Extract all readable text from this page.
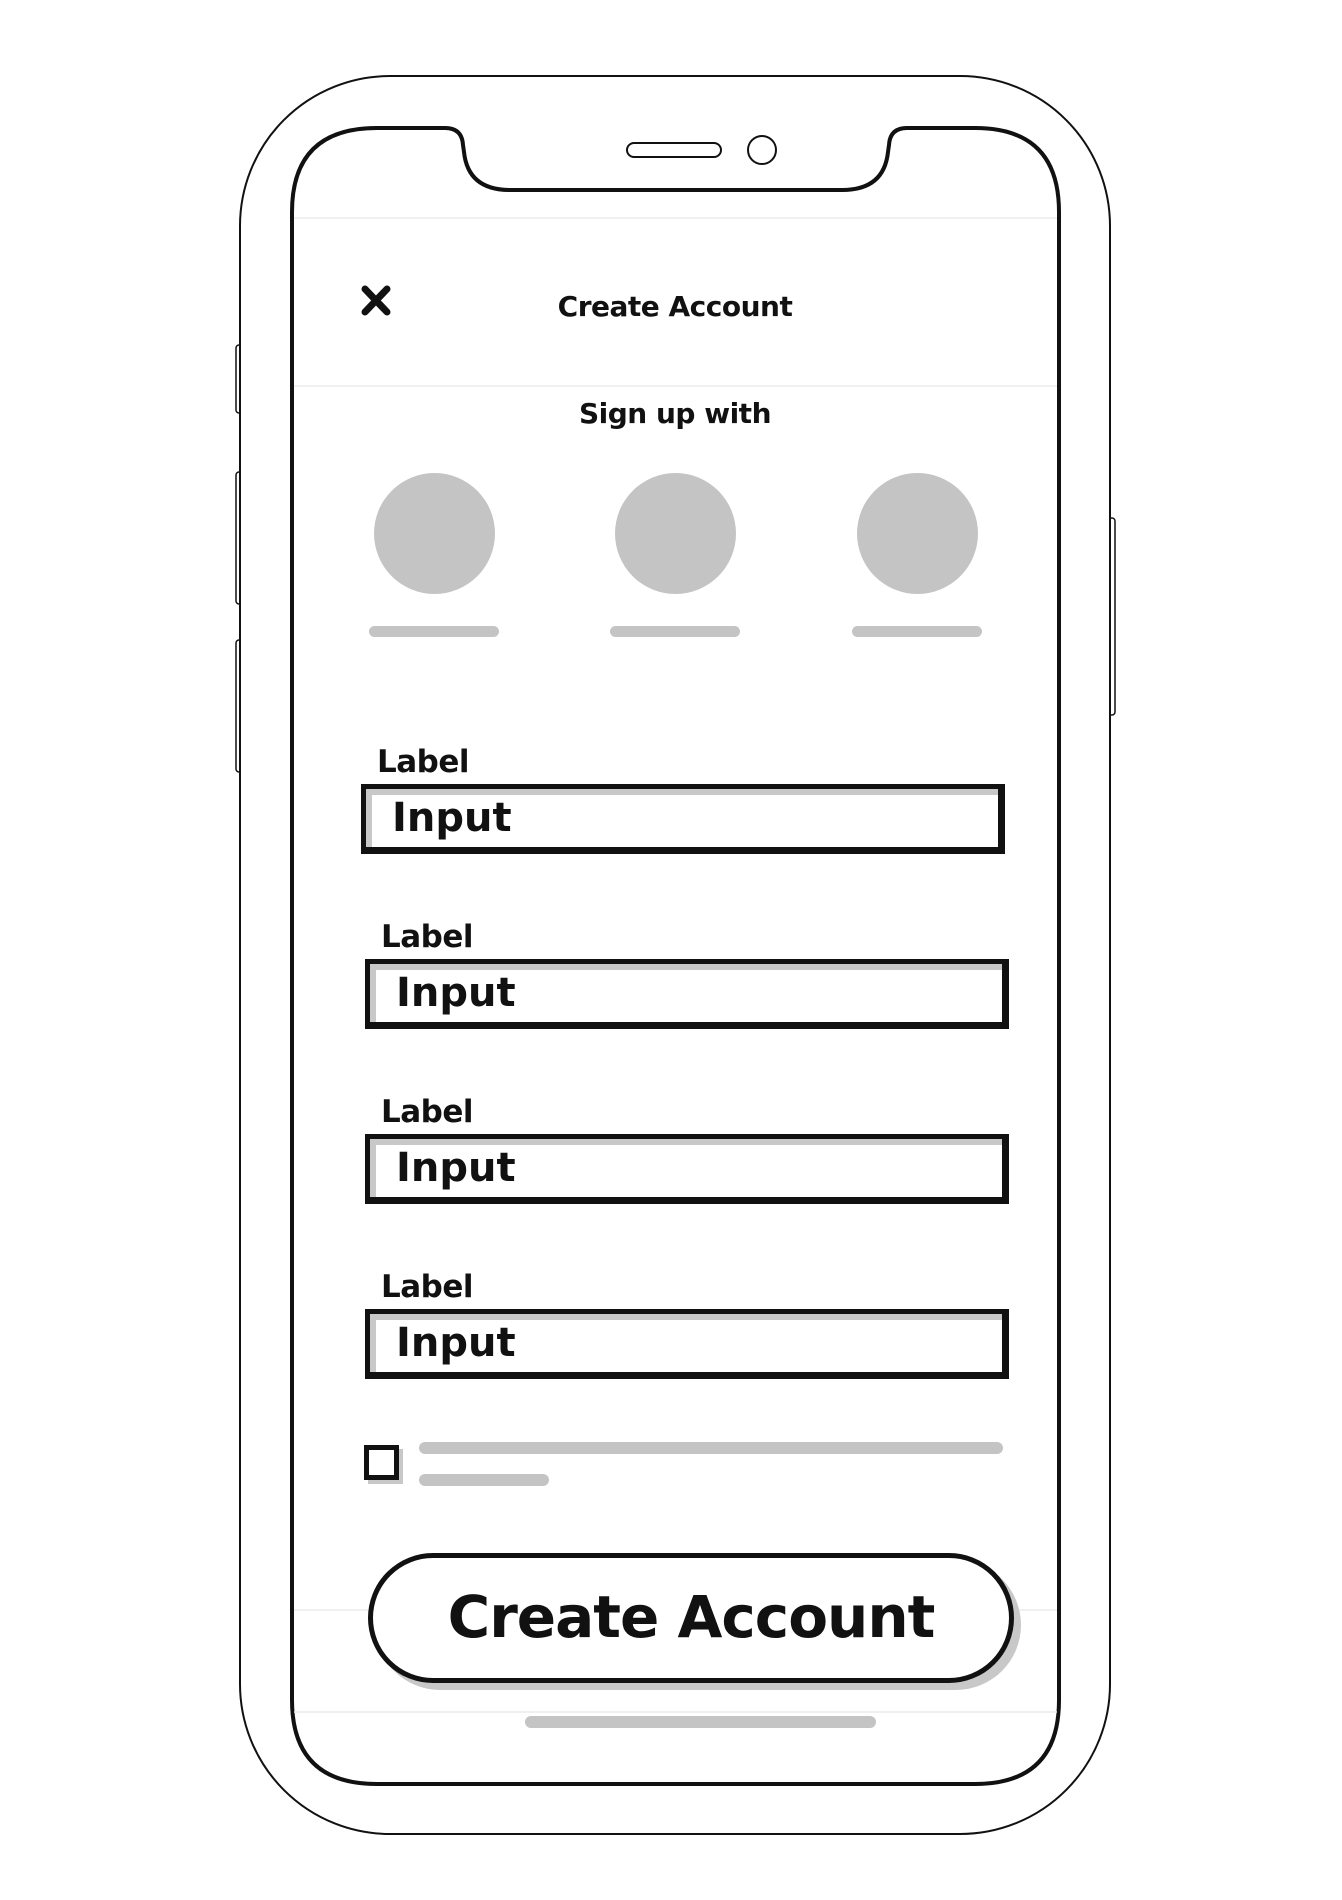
Create Account
Sign up with
Label
Input
Label
Input
Label
Input
Label
Input
Create Account
